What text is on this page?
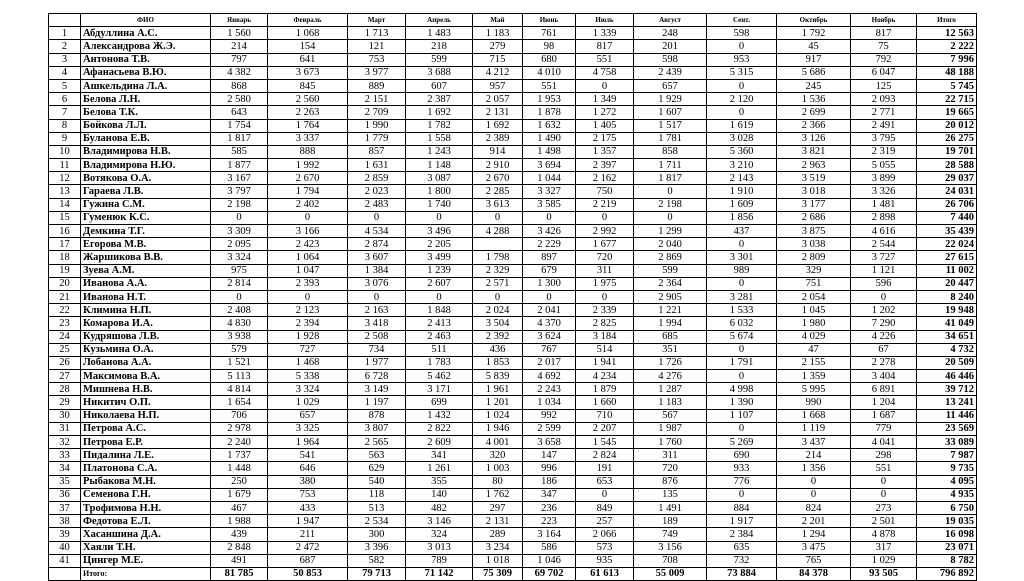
	ФИО	Январь	Февраль	Март	Апрель	Май	Июнь	Июль	Август	Сент.	Октябрь	Ноябрь	Итого
1	Абдуллина А.С.	1 560	1 068	1 713	1 483	1 183	761	1 339	248	598	1 792	817	12 563
2	Александрова Ж.Э.	214	154	121	218	279	98	817	201	0	45	75	2 222
3	Антонова Т.В.	797	641	753	599	715	680	551	598	953	917	792	7 996
4	Афанасьева В.Ю.	4 382	3 673	3 977	3 688	4 212	4 010	4 758	2 439	5 315	5 686	6 047	48 188
5	Ашкельдина Л.А.	868	845	889	607	957	551	0	657	0	245	125	5 745
6	Белова Л.Н.	2 580	2 560	2 151	2 387	2 057	1 953	1 349	1 929	2 120	1 536	2 093	22 715
7	Белова Т.К.	643	2 263	2 709	1 692	2 131	1 878	1 272	1 607	0	2 699	2 771	19 665
8	Бойкова Л.Л.	1 754	1 764	1 990	1 782	1 692	1 632	1 405	1 517	1 619	2 366	2 491	20 012
9	Буланова Е.В.	1 817	3 337	1 779	1 558	2 389	1 490	2 175	1 781	3 028	3 126	3 795	26 275
10	Владимирова Н.В.	585	888	857	1 243	914	1 498	1 357	858	5 360	3 821	2 319	19 701
11	Владимирова Н.Ю.	1 877	1 992	1 631	1 148	2 910	3 694	2 397	1 711	3 210	2 963	5 055	28 588
12	Вотякова О.А.	3 167	2 670	2 859	3 087	2 670	1 044	2 162	1 817	2 143	3 519	3 899	29 037
13	Гараева Л.В.	3 797	1 794	2 023	1 800	2 285	3 327	750	0	1 910	3 018	3 326	24 031
14	Гужина С.М.	2 198	2 402	2 483	1 740	3 613	3 585	2 219	2 198	1 609	3 177	1 481	26 706
15	Гуменюк К.С.	0	0	0	0	0	0	0	0	1 856	2 686	2 898	7 440
16	Демкина Т.Г.	3 309	3 166	4 534	3 496	4 288	3 426	2 992	1 299	437	3 875	4 616	35 439
17	Егорова М.В.	2 095	2 423	2 874	2 205		2 229	1 677	2 040	0	3 038	2 544	22 024
18	Жаршикова В.В.	3 324	1 064	3 607	3 499	1 798	897	720	2 869	3 301	2 809	3 727	27 615
19	Зуева А.М.	975	1 047	1 384	1 239	2 329	679	311	599	989	329	1 121	11 002
20	Иванова А.А.	2 814	2 393	3 076	2 607	2 571	1 300	1 975	2 364	0	751	596	20 447
21	Иванова Н.Т.	0	0	0	0	0	0	0	2 905	3 281	2 054	0	8 240
22	Климина Н.П.	2 408	2 123	2 163	1 848	2 024	2 041	2 339	1 221	1 533	1 045	1 202	19 948
23	Комарова И.А.	4 830	2 394	3 418	2 413	3 504	4 370	2 825	1 994	6 032	1 980	7 290	41 049
24	Кудряшова Л.В.	3 938	1 928	2 508	2 463	2 392	3 624	3 184	685	5 674	4 029	4 226	34 651
25	Кузьмина О.А.	579	727	734	511	436	767	514	351	0	47	67	4 732
26	Лобанова А.А.	1 521	1 468	1 977	1 783	1 853	2 017	1 941	1 726	1 791	2 155	2 278	20 509
27	Максимова В.А.	5 113	5 338	6 728	5 462	5 839	4 692	4 234	4 276	0	1 359	3 404	46 446
28	Мишнева Н.В.	4 814	3 324	3 149	3 171	1 961	2 243	1 879	1 287	4 998	5 995	6 891	39 712
29	Никитич О.П.	1 654	1 029	1 197	699	1 201	1 034	1 660	1 183	1 390	990	1 204	13 241
30	Николаева Н.П.	706	657	878	1 432	1 024	992	710	567	1 107	1 668	1 687	11 446
31	Петрова А.С.	2 978	3 325	3 807	2 822	1 946	2 599	2 207	1 987	0	1 119	779	23 569
32	Петрова Е.Р.	2 240	1 964	2 565	2 609	4 001	3 658	1 545	1 760	5 269	3 437	4 041	33 089
33	Пидалина Л.Е.	1 737	541	563	341	320	147	2 824	311	690	214	298	7 987
34	Платонова С.А.	1 448	646	629	1 261	1 003	996	191	720	933	1 356	551	9 735
35	Рыбакова М.Н.	250	380	540	355	80	186	653	876	776	0	0	4 095
36	Семенова Г.Н.	1 679	753	118	140	1 762	347	0	135	0	0	0	4 935
37	Трофимова Н.Н.	467	433	513	482	297	236	849	1 491	884	824	273	6 750
38	Федотова Е.Л.	1 988	1 947	2 534	3 146	2 131	223	257	189	1 917	2 201	2 501	19 035
39	Хасаншина Д.А.	439	211	300	324	289	3 164	2 066	749	2 384	1 294	4 878	16 098
40	Хаяли Т.Н.	2 848	2 472	3 396	3 013	3 234	586	573	3 156	635	3 475	317	23 071
41	Цингер М.Е.	491	687	582	789	1 018	1 046	935	708	732	765	1 029	8 782
	Итого:	81 785	50 853	79 713	71 142	75 309	69 702	61 613	55 009	73 884	84 378	93 505	796 892
